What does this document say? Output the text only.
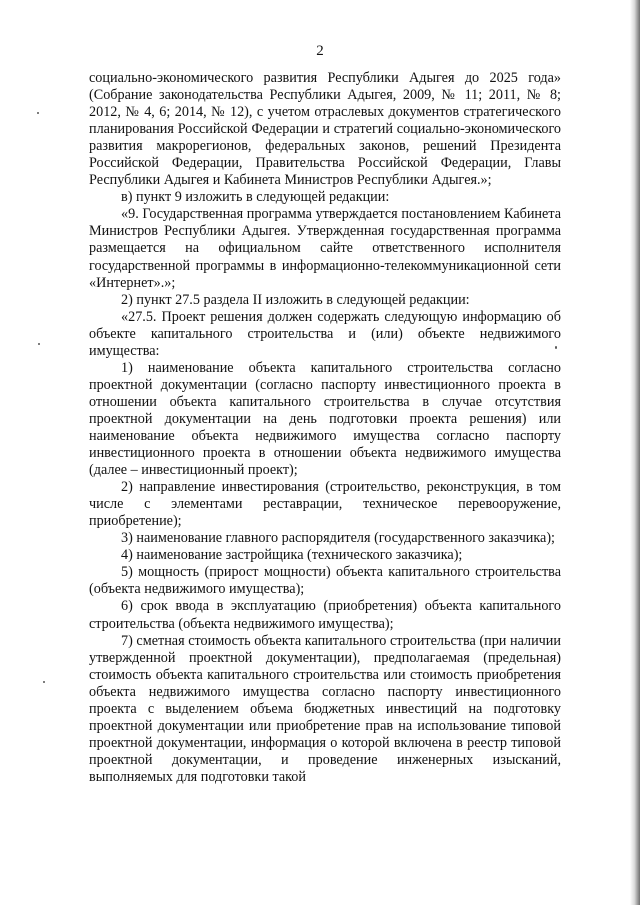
2

социально-экономического развития Республики Адыгея до 2025 года» (Собрание законодательства Республики Адыгея, 2009, № 11; 2011, № 8; 2012, № 4, 6; 2014, № 12), с учетом отраслевых документов стратегического планирования Российской Федерации и стратегий социально-экономического развития макрорегионов, федеральных законов, решений Президента Российской Федерации, Правительства Российской Федерации, Главы Республики Адыгея и Кабинета Министров Республики Адыгея.»;

в) пункт 9 изложить в следующей редакции:

«9. Государственная программа утверждается постановлением Кабинета Министров Республики Адыгея. Утвержденная государственная программа размещается на официальном сайте ответственного исполнителя государственной программы в информационно-телекоммуникационной сети «Интернет».»;

2) пункт 27.5 раздела II изложить в следующей редакции:

«27.5. Проект решения должен содержать следующую информацию об объекте капитального строительства и (или) объекте недвижимого имущества:

1) наименование объекта капитального строительства согласно проектной документации (согласно паспорту инвестиционного проекта в отношении объекта капитального строительства в случае отсутствия проектной документации на день подготовки проекта решения) или наименование объекта недвижимого имущества согласно паспорту инвестиционного проекта в отношении объекта недвижимого имущества (далее – инвестиционный проект);

2) направление инвестирования (строительство, реконструкция, в том числе с элементами реставрации, техническое перевооружение, приобретение);

3) наименование главного распорядителя (государственного заказчика);

4) наименование застройщика (технического заказчика);

5) мощность (прирост мощности) объекта капитального строительства (объекта недвижимого имущества);

6) срок ввода в эксплуатацию (приобретения) объекта капитального строительства (объекта недвижимого имущества);

7) сметная стоимость объекта капитального строительства (при наличии утвержденной проектной документации), предполагаемая (предельная) стоимость объекта капитального строительства или стоимость приобретения объекта недвижимого имущества согласно паспорту инвестиционного проекта с выделением объема бюджетных инвестиций на подготовку проектной документации или приобретение прав на использование типовой проектной документации, информация о которой включена в реестр типовой проектной документации, и проведение инженерных изысканий, выполняемых для подготовки такой
